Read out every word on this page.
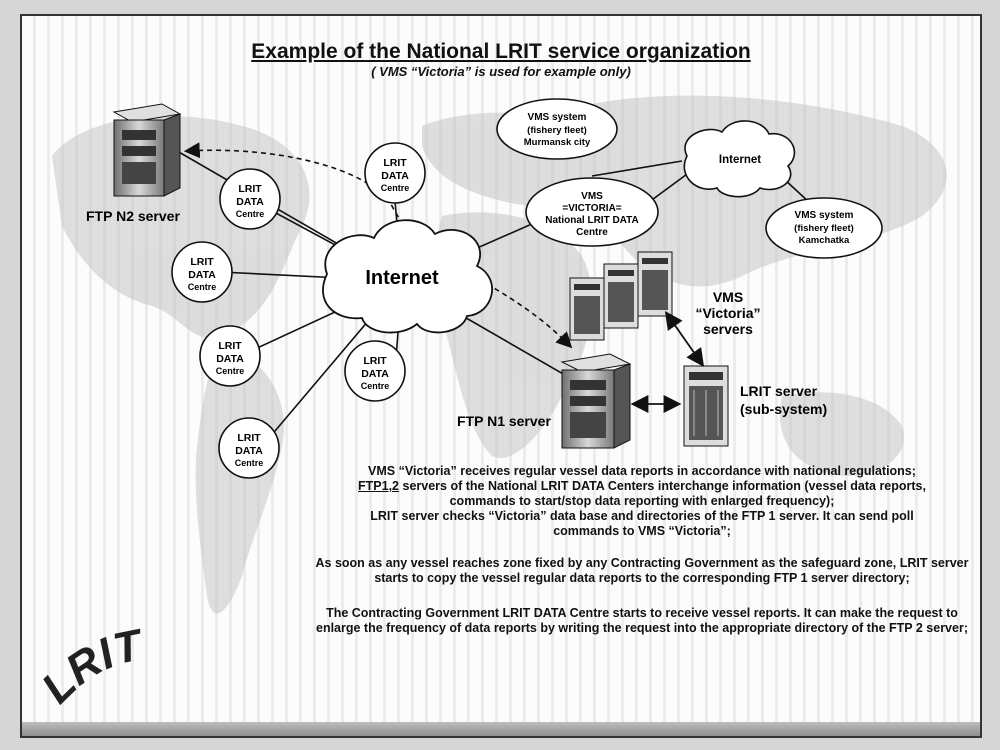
Internet
Internet
LRIT
DATA
Centre
LRIT
DATA
Centre
LRIT
DATA
Centre
LRIT
DATA
Centre
LRIT
DATA
Centre
LRIT
DATA
Centre
VMS system
(fishery fleet)
Murmansk city
VMS
=VICTORIA=
National LRIT DATA
Centre
VMS system
(fishery fleet)
Kamchatka
FTP N2 server
FTP N1 server
VMS
“Victoria”
servers
LRIT server
(sub-system)
LRIT
Example of the National LRIT service organization
( VMS “Victoria” is used for example only)
VMS “Victoria” receives regular vessel data reports in accordance with national regulations;
FTP1,2 servers of the National LRIT DATA Centers interchange information (vessel data reports,
commands to start/stop data reporting with enlarged frequency);
LRIT server checks “Victoria” data base and directories of the FTP 1 server. It can send poll
commands to VMS “Victoria”;
As soon as any vessel reaches zone fixed by any Contracting Government as the safeguard zone, LRIT server starts to copy the vessel regular data reports to the corresponding FTP 1 server directory;
The Contracting Government LRIT DATA Centre starts to receive vessel reports. It can make the request to enlarge the frequency of data reports by writing the request into the appropriate directory of the FTP 2 server;
